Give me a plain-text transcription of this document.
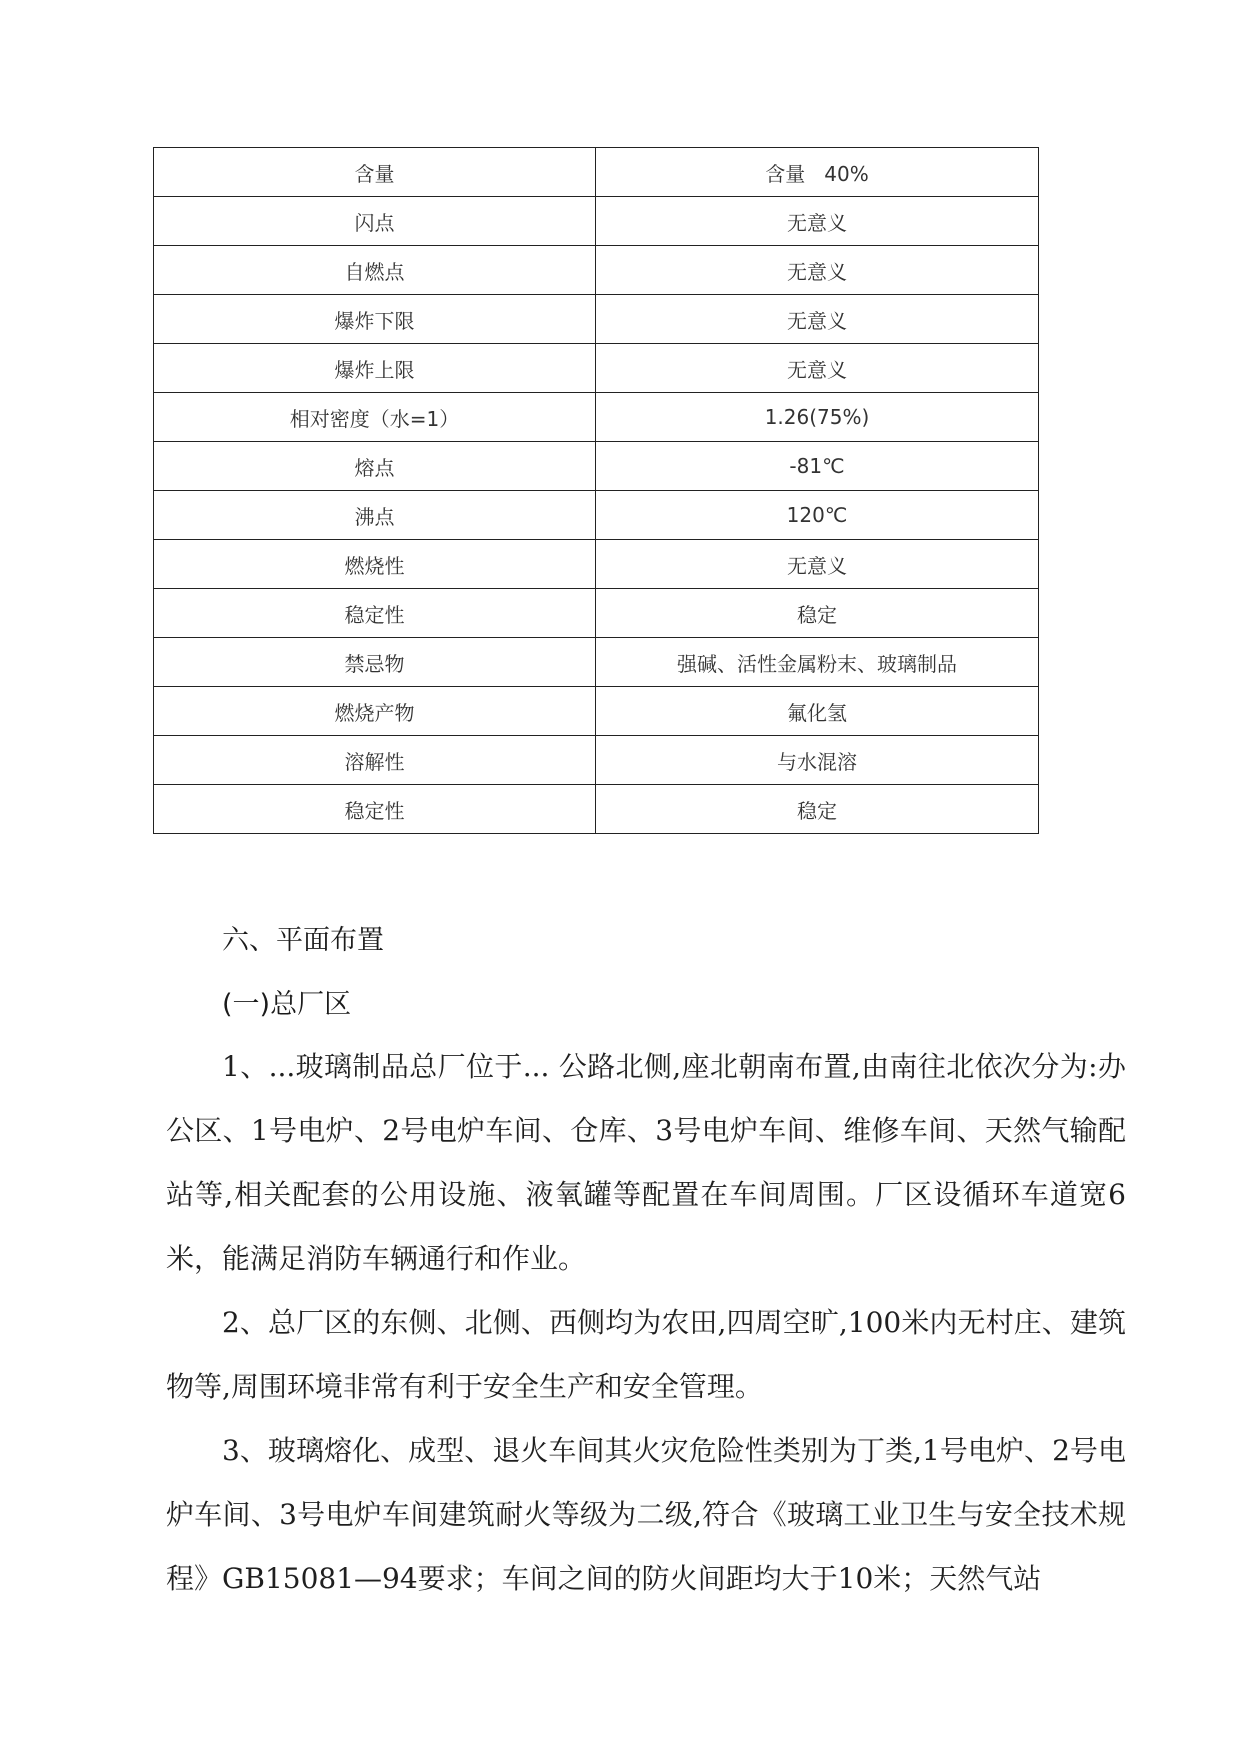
含量	含量   40%
闪点	无意义
自燃点	无意义
爆炸下限	无意义
爆炸上限	无意义
相对密度（水=1）	1.26(75%)
熔点	-81℃
沸点	120℃
燃烧性	无意义
稳定性	稳定
禁忌物	强碱、活性金属粉末、玻璃制品
燃烧产物	氟化氢
溶解性	与水混溶
稳定性	稳定
六、平面布置
(一)总厂区

1、...玻璃制品总厂位于... 公路北侧,座北朝南布置,由南往北依次分为:办公区、1号电炉、2号电炉车间、仓库、3号电炉车间、维修车间、天然气输配站等,相关配套的公用设施、液氧罐等配置在车间周围。厂区设循环车道宽6米，能满足消防车辆通行和作业。

2、总厂区的东侧、北侧、西侧均为农田,四周空旷,100米内无村庄、建筑物等,周围环境非常有利于安全生产和安全管理。

3、玻璃熔化、成型、退火车间其火灾危险性类别为丁类,1号电炉、2号电炉车间、3号电炉车间建筑耐火等级为二级,符合《玻璃工业卫生与安全技术规程》GB15081—94要求；车间之间的防火间距均大于10米；天然气站
